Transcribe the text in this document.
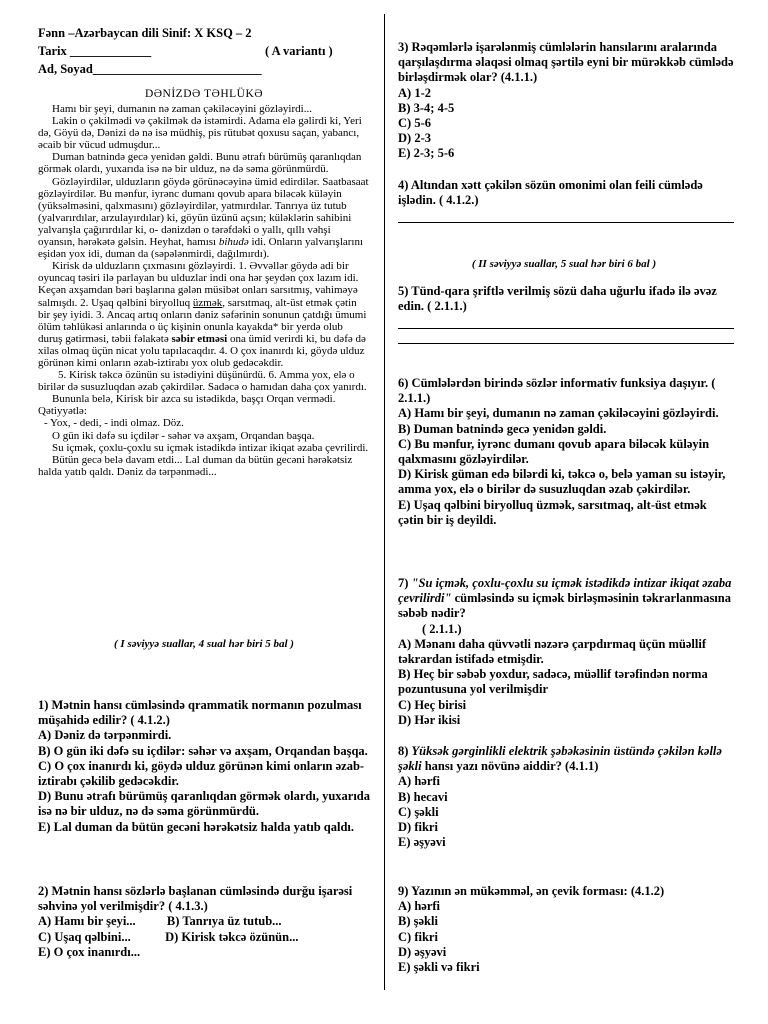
Fənn –Azərbaycan dili Sinif: X KSQ – 2
Tarix _____________	( A variantı )
Ad, Soyad___________________________
DƏNİZDƏ TƏHLÜKƏ

Hamı bir şeyi, dumanın nə zaman çəkiləcəyini gözləyirdi...

Lakin o çəkilmədi və çəkilmək də istəmirdi. Adama elə gəlirdi ki, Yeri də, Göyü də, Dənizi də nə isə müdhiş, pis rütubət qoxusu saçan, yabancı, əcaib bir vücud udmuşdur...

Duman batnində gecə yenidən gəldi. Bunu ətrafı bürümüş qaranlıqdan görmək olardı, yuxarıda isə nə bir ulduz, nə də səma görünmürdü.

Gözləyirdilər, ulduzların göydə görünəcəyinə ümid edirdilər. Saatbasaat gözləyirdilər. Bu mənfur, iyrənc dumanı qovub apara biləcək küləyin (yüksəlməsini, qalxmasını) gözləyirdilər, yatmırdılar. Tanrıya üz tutub (yalvarırdılar, arzulayırdılar) ki, göyün üzünü açsın; küləklərin sahibini yalvarışla çağırırdılar ki, o- dənizdən o tərəfdəki o yallı, qıllı vəhşi oyansın, hərəkətə gəlsin. Heyhat, hamısı bihudə idi. Onların yalvarışlarını eşidən yox idi, duman da (səpələnmirdi, dağılmırdı).

Kirisk də ulduzların çıxmasını gözləyirdi. 1. Əvvəllər göydə adi bir oyuncaq təsiri ilə parlayan bu ulduzlar indi ona hər şeydən çox lazım idi. Keçən axşamdan bəri başlarına gələn müsibət onları sarsıtmış, vahiməyə salmışdı. 2. Uşaq qəlbini biryolluq üzmək, sarsıtmaq, alt-üst etmək çətin bir şey iyidi. 3. Ancaq artıq onların dəniz səfərinin sonunun çatdığı ümumi ölüm təhlükəsi anlarında o üç kişinin onunla kayakda* bir yerdə olub duruş gətirməsi, təbii fəlakətə səbir etməsi ona ümid verirdi ki, bu dəfə də xilas olmaq üçün nicat yolu tapılacaqdır. 4. O çox inanırdı ki, göydə ulduz görünən kimi onların əzab-iztirabı yox olub gedəcəkdir.

5. Kirisk təkcə özünün su istədiyini düşünürdü. 6. Amma yox, elə o birilər də susuzluqdan əzab çəkirdilər. Sadəcə o hamıdan daha çox yanırdı.

Bununla belə, Kirisk bir azca su istədikdə, başçı Orqan vermədi. Qətiyyətlə:

- Yox, - dedi, - indi olmaz. Döz.

O gün iki dəfə su içdilər - səhər və axşam, Orqandan başqa.

Su içmək, çoxlu-çoxlu su içmək istədikdə intizar ikiqat əzaba çevrilirdi.

Bütün gecə belə davam etdi... Lal duman da bütün gecəni hərəkətsiz halda yatıb qaldı. Dəniz də tərpənmədi...

( I səviyyə suallar, 4 sual hər biri 5 bal )
1) Mətnin hansı cümləsində qrammatik normanın pozulması müşahidə edilir? ( 4.1.2.)
A) Dəniz də tərpənmirdi.
B) O gün iki dəfə su içdilər: səhər və axşam, Orqandan başqa.
C) O çox inanırdı ki, göydə ulduz görünən kimi onların əzab-iztirabı çəkilib gedəcəkdir.
D) Bunu ətrafı bürümüş qaranlıqdan görmək olardı, yuxarıda isə nə bir ulduz, nə də səma görünmürdü.
E) Lal duman da bütün gecəni hərəkətsiz halda yatıb qaldı.
2) Mətnin hansı sözlərlə başlanan cümləsində durğu işarəsi səhvinə yol verilmişdir? ( 4.1.3.)
A) Hamı bir şeyi...          B) Tanrıya üz tutub...
C) Uşaq qəlbini...           D) Kirisk təkcə özünün...
E) O çox inanırdı...
3) Rəqəmlərlə işarələnmiş cümlələrin hansılarını aralarında qarşılaşdırma əlaqəsi olmaq şərtilə eyni bir mürəkkəb cümlədə birləşdirmək olar? (4.1.1.)
A) 1-2
B) 3-4; 4-5
C) 5-6
D) 2-3
E) 2-3; 5-6
4) Altından xətt çəkilən sözün omonimi olan feili cümlədə işlədin. ( 4.1.2.)
( II səviyyə suallar, 5 sual hər biri 6 bal )
5) Tünd-qara şriftlə verilmiş sözü daha uğurlu ifadə ilə əvəz edin. ( 2.1.1.)
6) Cümlələrdən birində sözlər informativ funksiya daşıyır. ( 2.1.1.)
A) Hamı bir şeyi, dumanın nə zaman çəkiləcəyini gözləyirdi.
B) Duman batnində gecə yenidən gəldi.
C) Bu mənfur, iyrənc dumanı qovub apara biləcək küləyin qalxmasını gözləyirdilər.
D) Kirisk güman edə bilərdi ki, təkcə o, belə yaman su istəyir, amma yox, elə o birilər də susuzluqdan əzab çəkirdilər.
E) Uşaq qəlbini biryolluq üzmək, sarsıtmaq, alt-üst etmək çətin bir iş deyildi.
7) "Su içmək, çoxlu-çoxlu su içmək istədikdə intizar ikiqat əzaba çevrilirdi" cümləsində su içmək birləşməsinin təkrarlanmasına səbəb nədir?
( 2.1.1.)
A) Mənanı daha qüvvətli nəzərə çarpdırmaq üçün müəllif təkrardan istifadə etmişdir.
B) Heç bir səbəb yoxdur, sadəcə, müəllif tərəfindən norma pozuntusuna yol verilmişdir
C) Heç birisi
D) Hər ikisi
8) Yüksək gərginlikli elektrik şəbəkəsinin üstündə çəkilən kəllə şəkli hansı yazı növünə aiddir? (4.1.1)
A) hərfi
B) hecavi
C) şəkli
D) fikri
E) əşyəvi
9) Yazının ən mükəmməl, ən çevik forması: (4.1.2)
A) hərfi
B) şəkli
C) fikri
D) əşyəvi
E) şəkli və fikri
